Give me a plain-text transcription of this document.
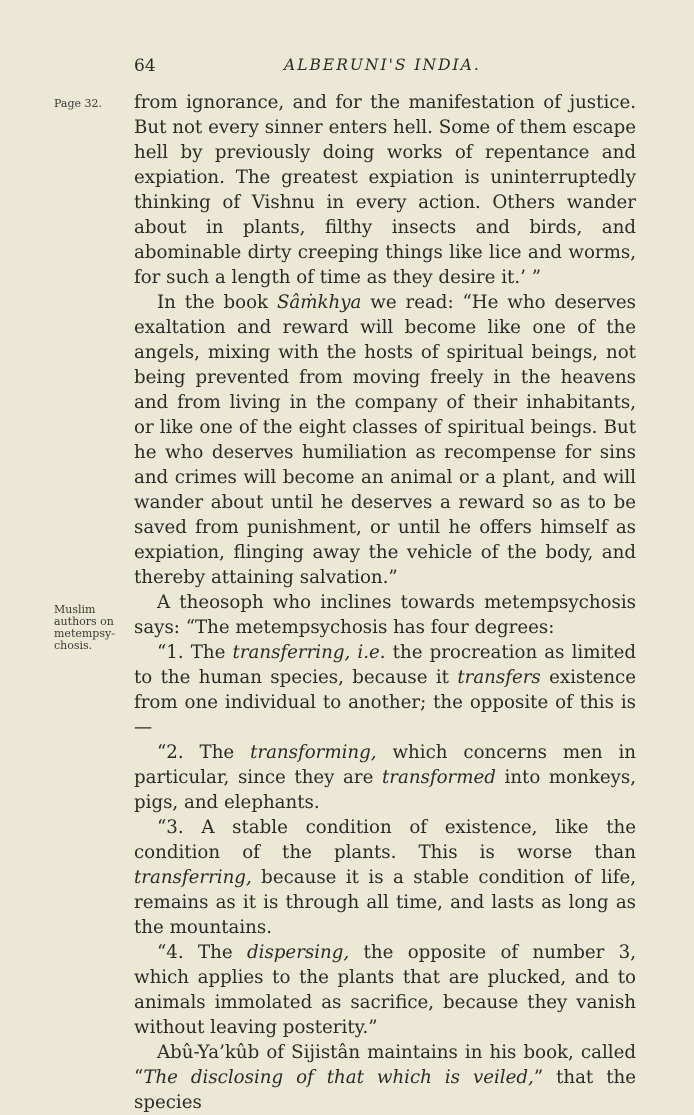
64	ALBERUNI'S INDIA.
Page 32.
Muslim
authors on
metempsy-
chosis.

from ignorance, and for the manifestation of justice. But not every sinner enters hell. Some of them escape hell by previously doing works of repentance and expiation. The greatest expiation is uninterruptedly thinking of Vishnu in every action. Others wander about in plants, filthy insects and birds, and abominable dirty creeping things like lice and worms, for such a length of time as they desire it.’ ”

In the book Sâṁkhya we read: “He who deserves exaltation and reward will become like one of the angels, mixing with the hosts of spiritual beings, not being prevented from moving freely in the heavens and from living in the company of their inhabitants, or like one of the eight classes of spiritual beings. But he who deserves humiliation as recompense for sins and crimes will become an animal or a plant, and will wander about until he deserves a reward so as to be saved from punishment, or until he offers himself as expiation, flinging away the vehicle of the body, and thereby attaining salvation.”

A theosoph who inclines towards metempsychosis says: “The metempsychosis has four degrees:

“1. The transferring, i.e. the procreation as limited to the human species, because it transfers existence from one individual to another; the opposite of this is—

“2. The transforming, which concerns men in particular, since they are transformed into monkeys, pigs, and elephants.

“3. A stable condition of existence, like the condition of the plants. This is worse than transferring, because it is a stable condition of life, remains as it is through all time, and lasts as long as the mountains.

“4. The dispersing, the opposite of number 3, which applies to the plants that are plucked, and to animals immolated as sacrifice, because they vanish without leaving posterity.”

Abû-Ya’kûb of Sijistân maintains in his book, called “The disclosing of that which is veiled,” that the species
